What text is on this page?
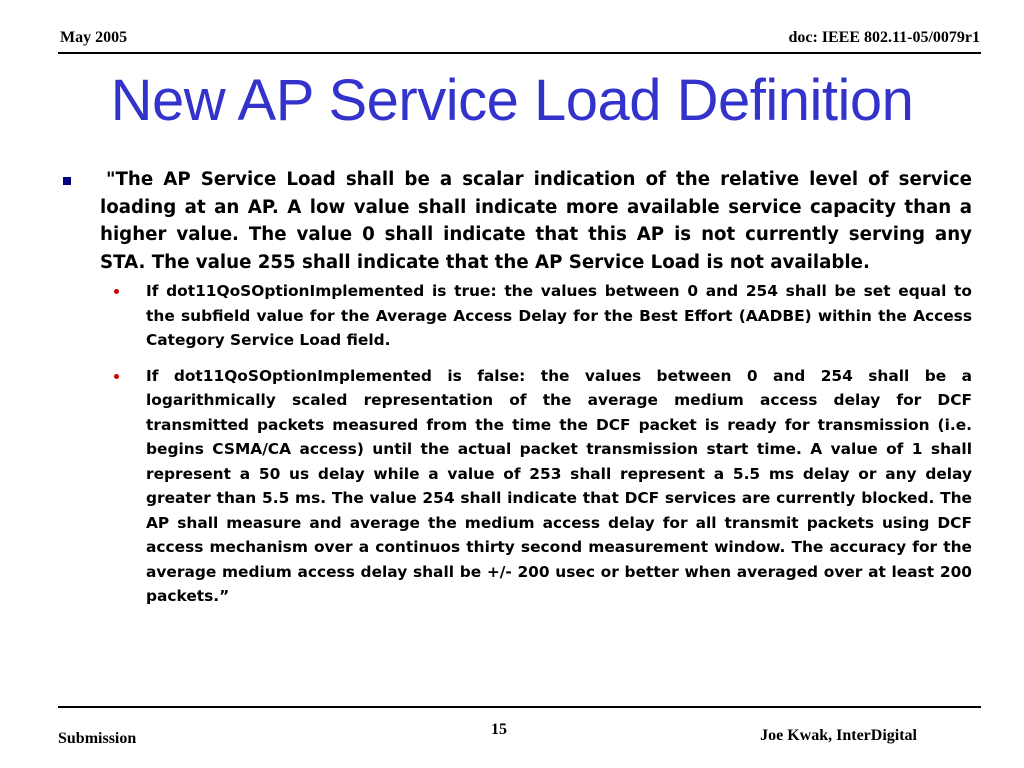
May 2005	doc: IEEE 802.11-05/0079r1
New AP Service Load Definition
"The AP Service Load shall be a scalar indication of the relative level of service loading at an AP. A low value shall indicate more available service capacity than a higher value. The value 0 shall indicate that this AP is not currently serving any STA. The value 255 shall indicate that the AP Service Load is not available.
If dot11QoSOptionImplemented is true: the values between 0 and 254 shall be set equal to the subfield value for the Average Access Delay for the Best Effort (AADBE) within the Access Category Service Load field.
If dot11QoSOptionImplemented is false: the values between 0 and 254 shall be a logarithmically scaled representation of the average medium access delay for DCF transmitted packets measured from the time the DCF packet is ready for transmission (i.e. begins CSMA/CA access) until the actual packet transmission start time. A value of 1 shall represent a 50 us delay while a value of 253 shall represent a 5.5 ms delay or any delay greater than 5.5 ms. The value 254 shall indicate that DCF services are currently blocked. The AP shall measure and average the medium access delay for all transmit packets using DCF access mechanism over a continuos thirty second measurement window. The accuracy for the average medium access delay shall be +/- 200 usec or better when averaged over at least 200 packets.”
Submission
15	Joe Kwak, InterDigital
